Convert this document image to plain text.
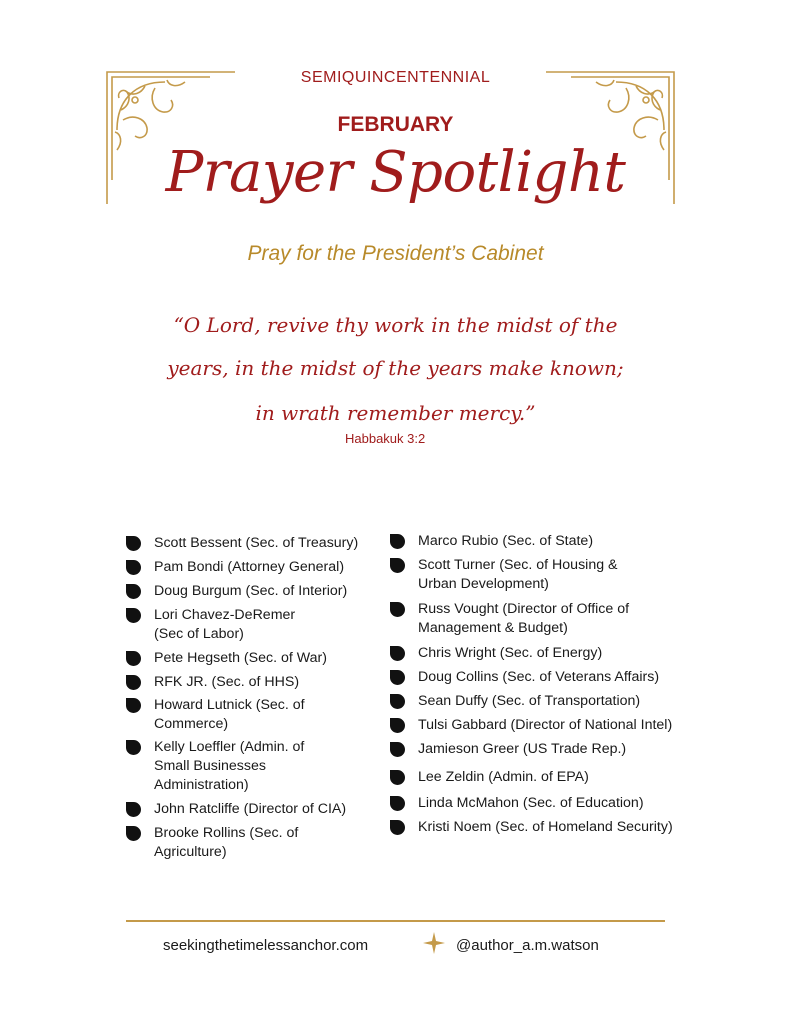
SEMIQUINCENTENNIAL
FEBRUARY
Prayer Spotlight
Pray for the President’s Cabinet
“O Lord, revive thy work in the midst of the
years, in the midst of the years make known;
in wrath remember mercy.”
Habbakuk 3:2
Scott Bessent (Sec. of Treasury)
Pam Bondi (Attorney General)
Doug Burgum (Sec. of Interior)
Lori Chavez-DeRemer
(Sec of Labor)
Pete Hegseth (Sec. of War)
RFK JR. (Sec. of HHS)
Howard Lutnick (Sec. of
Commerce)
Kelly Loeffler (Admin. of
Small Businesses
Administration)
John Ratcliffe (Director of CIA)
Brooke Rollins (Sec. of
Agriculture)
Marco Rubio (Sec. of State)
Scott Turner (Sec. of Housing &
Urban Development)
Russ Vought (Director of Office of
Management & Budget)
Chris Wright (Sec. of Energy)
Doug Collins (Sec. of Veterans Affairs)
Sean Duffy (Sec. of Transportation)
Tulsi Gabbard (Director of National Intel)
Jamieson Greer (US Trade Rep.)
Lee Zeldin (Admin. of EPA)
Linda McMahon (Sec. of Education)
Kristi Noem (Sec. of Homeland Security)
seekingthetimelessanchor.com	@author_a.m.watson
